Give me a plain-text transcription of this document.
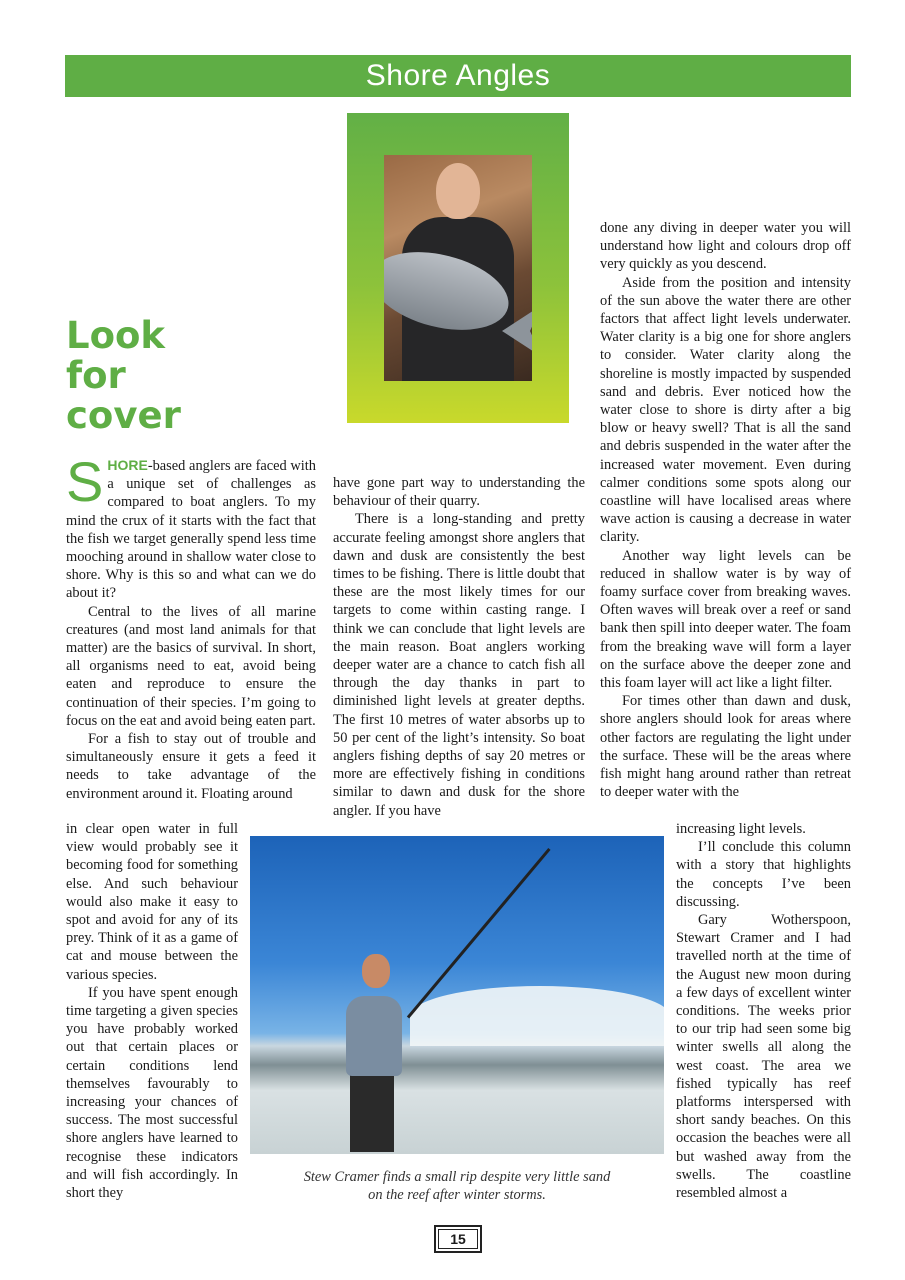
Shore Angles
Look
for
cover

SHORE-based anglers are faced with a unique set of challenges as compared to boat anglers. To my mind the crux of it starts with the fact that the fish we target generally spend less time mooching around in shallow water close to shore. Why is this so and what can we do about it?

Central to the lives of all marine creatures (and most land animals for that matter) are the basics of survival. In short, all organisms need to eat, avoid being eaten and reproduce to ensure the continuation of their species. I’m going to focus on the eat and avoid being eaten part.

For a fish to stay out of trouble and simultaneously ensure it gets a feed it needs to take advantage of the environment around it. Floating around

in clear open water in full view would probably see it becoming food for something else. And such behaviour would also make it easy to spot and avoid for any of its prey. Think of it as a game of cat and mouse between the various species.

If you have spent enough time targeting a given species you have probably worked out that certain places or certain conditions lend themselves favourably to increasing your chances of success. The most successful shore anglers have learned to recognise these indicators and will fish accordingly. In short they

have gone part way to understanding the behaviour of their quarry.

There is a long-standing and pretty accurate feeling amongst shore anglers that dawn and dusk are consistently the best times to be fishing. There is little doubt that these are the most likely times for our targets to come within casting range. I think we can conclude that light levels are the main reason. Boat anglers working deeper water are a chance to catch fish all through the day thanks in part to diminished light levels at greater depths. The first 10 metres of water absorbs up to 50 per cent of the light’s intensity. So boat anglers fishing depths of say 20 metres or more are effectively fishing in conditions similar to dawn and dusk for the shore angler. If you have

done any diving in deeper water you will understand how light and colours drop off very quickly as you descend.

Aside from the position and intensity of the sun above the water there are other factors that affect light levels underwater. Water clarity is a big one for shore anglers to consider. Water clarity along the shoreline is mostly impacted by suspended sand and debris. Ever noticed how the water close to shore is dirty after a big blow or heavy swell? That is all the sand and debris suspended in the water after the increased water movement. Even during calmer conditions some spots along our coastline will have localised areas where wave action is causing a decrease in water clarity.

Another way light levels can be reduced in shallow water is by way of foamy surface cover from breaking waves. Often waves will break over a reef or sand bank then spill into deeper water. The foam from the breaking wave will form a layer on the surface above the deeper zone and this foam layer will act like a light filter.

For times other than dawn and dusk, shore anglers should look for areas where other factors are regulating the light under the surface. These will be the areas where fish might hang around rather than retreat to deeper water with the

increasing light levels.

I’ll conclude this column with a story that highlights the concepts I’ve been discussing.

Gary Wotherspoon, Stewart Cramer and I had travelled north at the time of the August new moon during a few days of excellent winter conditions. The weeks prior to our trip had seen some big winter swells all along the west coast. The area we fished typically has reef platforms interspersed with short sandy beaches. On this occasion the beaches were all but washed away from the swells. The coastline resembled almost a

Stew Cramer finds a small rip despite very little sand
on the reef after winter storms.
15
